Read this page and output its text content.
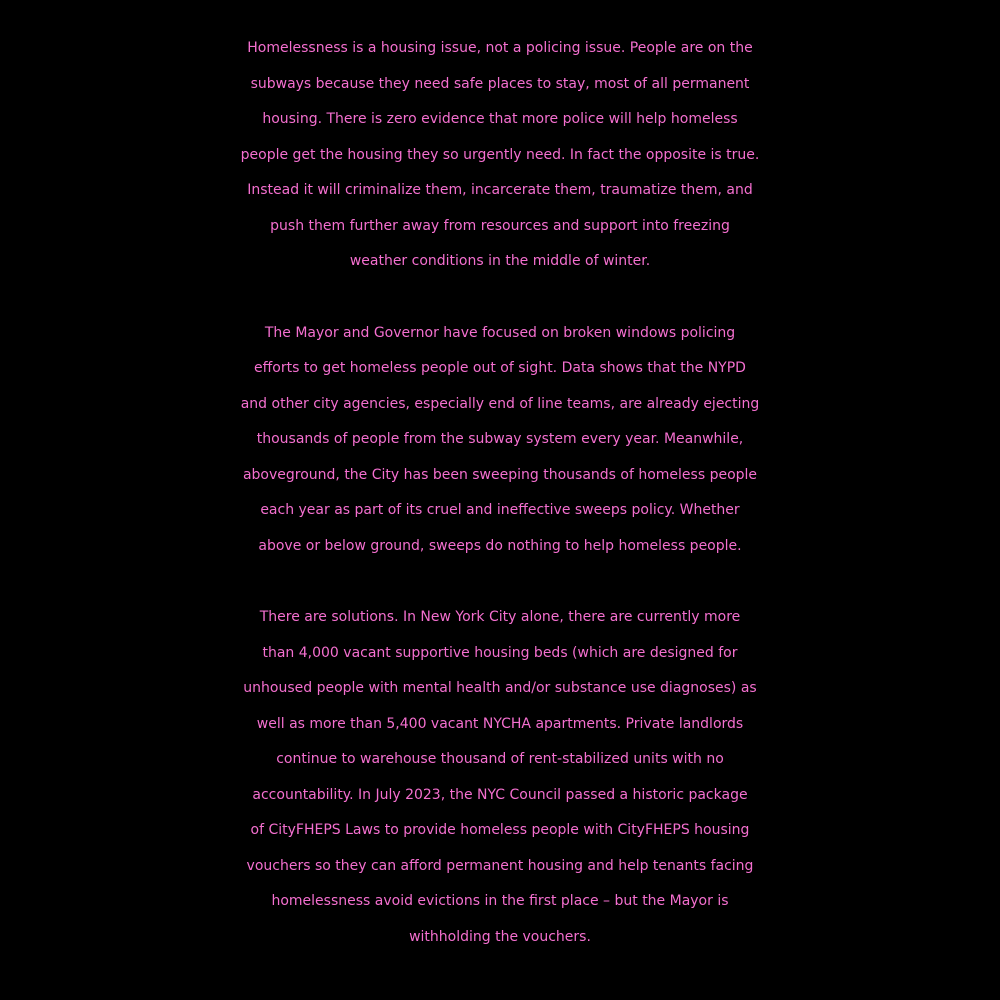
Homelessness is a housing issue, not a policing issue. People are on the
subways because they need safe places to stay, most of all permanent
housing. There is zero evidence that more police will help homeless
people get the housing they so urgently need. In fact the opposite is true.
Instead it will criminalize them, incarcerate them, traumatize them, and
push them further away from resources and support into freezing
weather conditions in the middle of winter.
The Mayor and Governor have focused on broken windows policing
efforts to get homeless people out of sight. Data shows that the NYPD
and other city agencies, especially end of line teams, are already ejecting
thousands of people from the subway system every year. Meanwhile,
aboveground, the City has been sweeping thousands of homeless people
each year as part of its cruel and ineffective sweeps policy. Whether
above or below ground, sweeps do nothing to help homeless people.
There are solutions. In New York City alone, there are currently more
than 4,000 vacant supportive housing beds (which are designed for
unhoused people with mental health and/or substance use diagnoses) as
well as more than 5,400 vacant NYCHA apartments. Private landlords
continue to warehouse thousand of rent-stabilized units with no
accountability. In July 2023, the NYC Council passed a historic package
of CityFHEPS Laws to provide homeless people with CityFHEPS housing
vouchers so they can afford permanent housing and help tenants facing
homelessness avoid evictions in the first place – but the Mayor is
withholding the vouchers.
